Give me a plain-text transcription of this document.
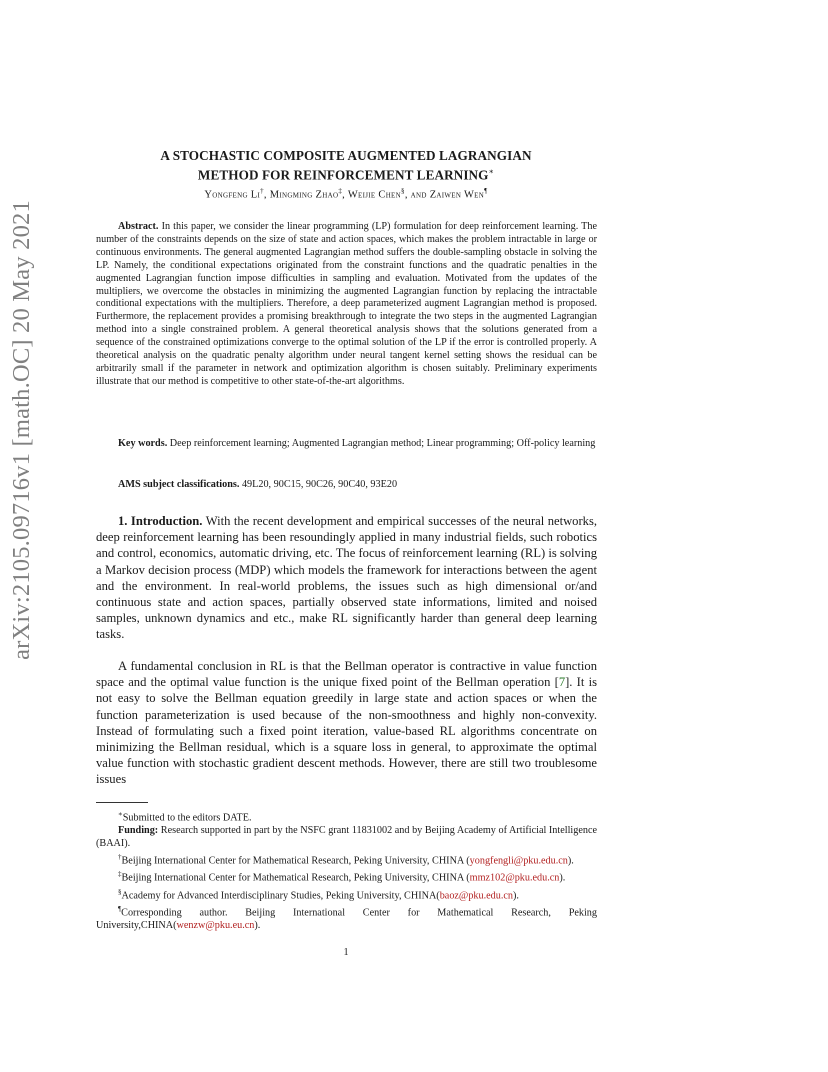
arXiv:2105.09716v1 [math.OC] 20 May 2021
A STOCHASTIC COMPOSITE AUGMENTED LAGRANGIAN
METHOD FOR REINFORCEMENT LEARNING∗
Yongfeng Li†, Mingming Zhao‡, Weijie Chen§, and Zaiwen Wen¶
Abstract. In this paper, we consider the linear programming (LP) formulation for deep reinforcement learning. The number of the constraints depends on the size of state and action spaces, which makes the problem intractable in large or continuous environments. The general augmented Lagrangian method suffers the double-sampling obstacle in solving the LP. Namely, the conditional expectations originated from the constraint functions and the quadratic penalties in the augmented Lagrangian function impose difficulties in sampling and evaluation. Motivated from the updates of the multipliers, we overcome the obstacles in minimizing the augmented Lagrangian function by replacing the intractable conditional expectations with the multipliers. Therefore, a deep parameterized augment Lagrangian method is proposed. Furthermore, the replacement provides a promising breakthrough to integrate the two steps in the augmented Lagrangian method into a single constrained problem. A general theoretical analysis shows that the solutions generated from a sequence of the constrained optimizations converge to the optimal solution of the LP if the error is controlled properly. A theoretical analysis on the quadratic penalty algorithm under neural tangent kernel setting shows the residual can be arbitrarily small if the parameter in network and optimization algorithm is chosen suitably. Preliminary experiments illustrate that our method is competitive to other state-of-the-art algorithms.
Key words. Deep reinforcement learning; Augmented Lagrangian method; Linear programming; Off-policy learning
AMS subject classifications. 49L20, 90C15, 90C26, 90C40, 93E20
1. Introduction. With the recent development and empirical successes of the neural networks, deep reinforcement learning has been resoundingly applied in many industrial fields, such robotics and control, economics, automatic driving, etc. The focus of reinforcement learning (RL) is solving a Markov decision process (MDP) which models the framework for interactions between the agent and the environment. In real-world problems, the issues such as high dimensional or/and continuous state and action spaces, partially observed state informations, limited and noised samples, unknown dynamics and etc., make RL significantly harder than general deep learning tasks.
A fundamental conclusion in RL is that the Bellman operator is contractive in value function space and the optimal value function is the unique fixed point of the Bellman operation [7]. It is not easy to solve the Bellman equation greedily in large state and action spaces or when the function parameterization is used because of the non-smoothness and highly non-convexity. Instead of formulating such a fixed point iteration, value-based RL algorithms concentrate on minimizing the Bellman residual, which is a square loss in general, to approximate the optimal value function with stochastic gradient descent methods. However, there are still two troublesome issues

∗Submitted to the editors DATE.

Funding: Research supported in part by the NSFC grant 11831002 and by Beijing Academy of Artificial Intelligence (BAAI).

†Beijing International Center for Mathematical Research, Peking University, CHINA (yongfengli@pku.edu.cn).

‡Beijing International Center for Mathematical Research, Peking University, CHINA (mmz102@pku.edu.cn).

§Academy for Advanced Interdisciplinary Studies, Peking University, CHINA(baoz@pku.edu.cn).

¶Corresponding author. Beijing International Center for Mathematical Research, Peking University,CHINA(wenzw@pku.eu.cn).

1
